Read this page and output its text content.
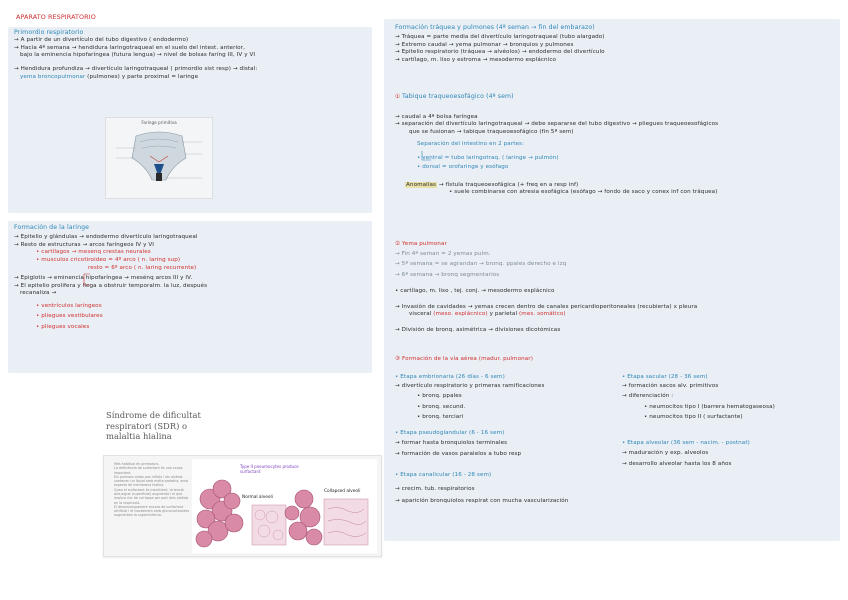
APARATO RESPIRATORIO
Primordio respiratorio
→ A partir de un divertículo del tubo digestivo ( endodermo)
→ Hacia 4ª semana → hendidura laringotraqueal en el suelo del intest. anterior,
bajo la eminencia hipofaríngea (futura lengua) → nivel de bolsas faríng III, IV y VI
→ Hendidura profundiza → divertículo laringotraqueal ( primordio sist resp) → distal:
yema broncopulmonar (pulmones) y parte proximal = laringe
Faringe primitiva
Formación de la laringe
→ Epitelio y glándulas → endodermo divertículo laringotraqueal
→ Resto de estructuras → arcos faríngeos IV y VI
• cartílagos → mesenq crestas neurales
• musculos cricotiroideo = 4º arco ( n. laring sup)
resto = 6º arco ( n. laring recurrente)
→ Epiglotis → eminencia hipofaríngea → mesénq arcos III y IV.
→ El epitelio prolifera y llega a obstruir temporalm. la luz, después
recanaliza →
• ventrículos laríngeos
• pliegues vestibulares
• pliegues vocales
Síndrome de dificultat
respiratori (SDR) o
malaltia hialina
Més habitual en prematurs.
La deficiència de surfactant és una causa important.
Els pulmons estan poc inflats i els alvèols contenen un líquid amb molta proteïna, amb aspecte de membrana hialina.
Quan el surfactant és insuficient, la tensió aire-aigua (superficial) augmenta i el que implica risc de col·lapse per part dels alvèols en la respiració.
El desenvolupament encara de surfactant artificial i el tractament amb glucocorticoides augmenten la supervivència.
Type II pneumocytes produce surfactant
Normal alveoli
Collapsed alveoli
Formación tráquea y pulmones (4ª seman → fin del embarazo)
→ Tráquea = parte media del divertículo laringotraqueal (tubo alargado)
→ Extremo caudal → yema pulmonar → bronquios y pulmones
→ Epitelio respiratorio (tráquea → alvéolos) → endodermo del divertículo
→ cartílago, m. liso y estroma → mesodermo esplácnico
① Tabique traqueoesofágico (4ª sem)
→ caudal a 4ª bolsa faríngea
→ separación del divertículo laringotraqueal → debe separarse del tubo digestivo → pliegues traqueoesofágicos
que se fusionan → tabique traqueoesofágico (fin 5ª sem)
Separación del intestino en 2 partes:
• ventral = tubo laringotraq. ( laringe → pulmón)
• dorsal = orofaringe y esófago
Anomalías → fístula traqueoesofágica (+ freq en a resp inf)
• suele combinarse con atresia esofágica (esófago → fondo de saco y conex inf con tráquea)
② Yema pulmonar
→ Fin 4ª seman = 2 yemas pulm.
→ 5ª semana = se agrandan → bronq. ppales derecho e izq
→ 6ª semana → bronq segmentarios
• cartílago, m. liso , tej. conj. → mesodermo esplácnico
→ Invasión de cavidades → yemas crecen dentro de canales pericardioperitoneales (recubierta) x pleura
visceral (meso. esplácnico) y parietal (mes. somático)
→ División de bronq. asimétrica → divisiones dicotómicas
③ Formación de la vía aérea (madur. pulmonar)
• Etapa embrionaria (26 días - 6 sem)
→ divertículo respiratorio y primeras ramificaciones
• bronq. ppales
• bronq. secund.
• bronq. terciari
• Etapa pseudoglandular (6 - 16 sem)
→ formar hasta bronquiolos terminales
→ formación de vasos paralelos a tubo resp
• Etapa canalicular (16 - 28 sem)
→ crecim. tub. respiratorios
→ aparición bronquiolos respirat con mucha vascularización
• Etapa sacular (28 - 36 sem)
→ formación sacos alv. primitivos
→ diferenciación :
• neumocitos tipo I (barrera hematogaseosa)
• neumocitos tipo II ( surfactante)
• Etapa alveolar (36 sem - nacim. - postnat)
→ maduración y exp. alveolos
→ desarrollo alveolar hasta los 8 años
